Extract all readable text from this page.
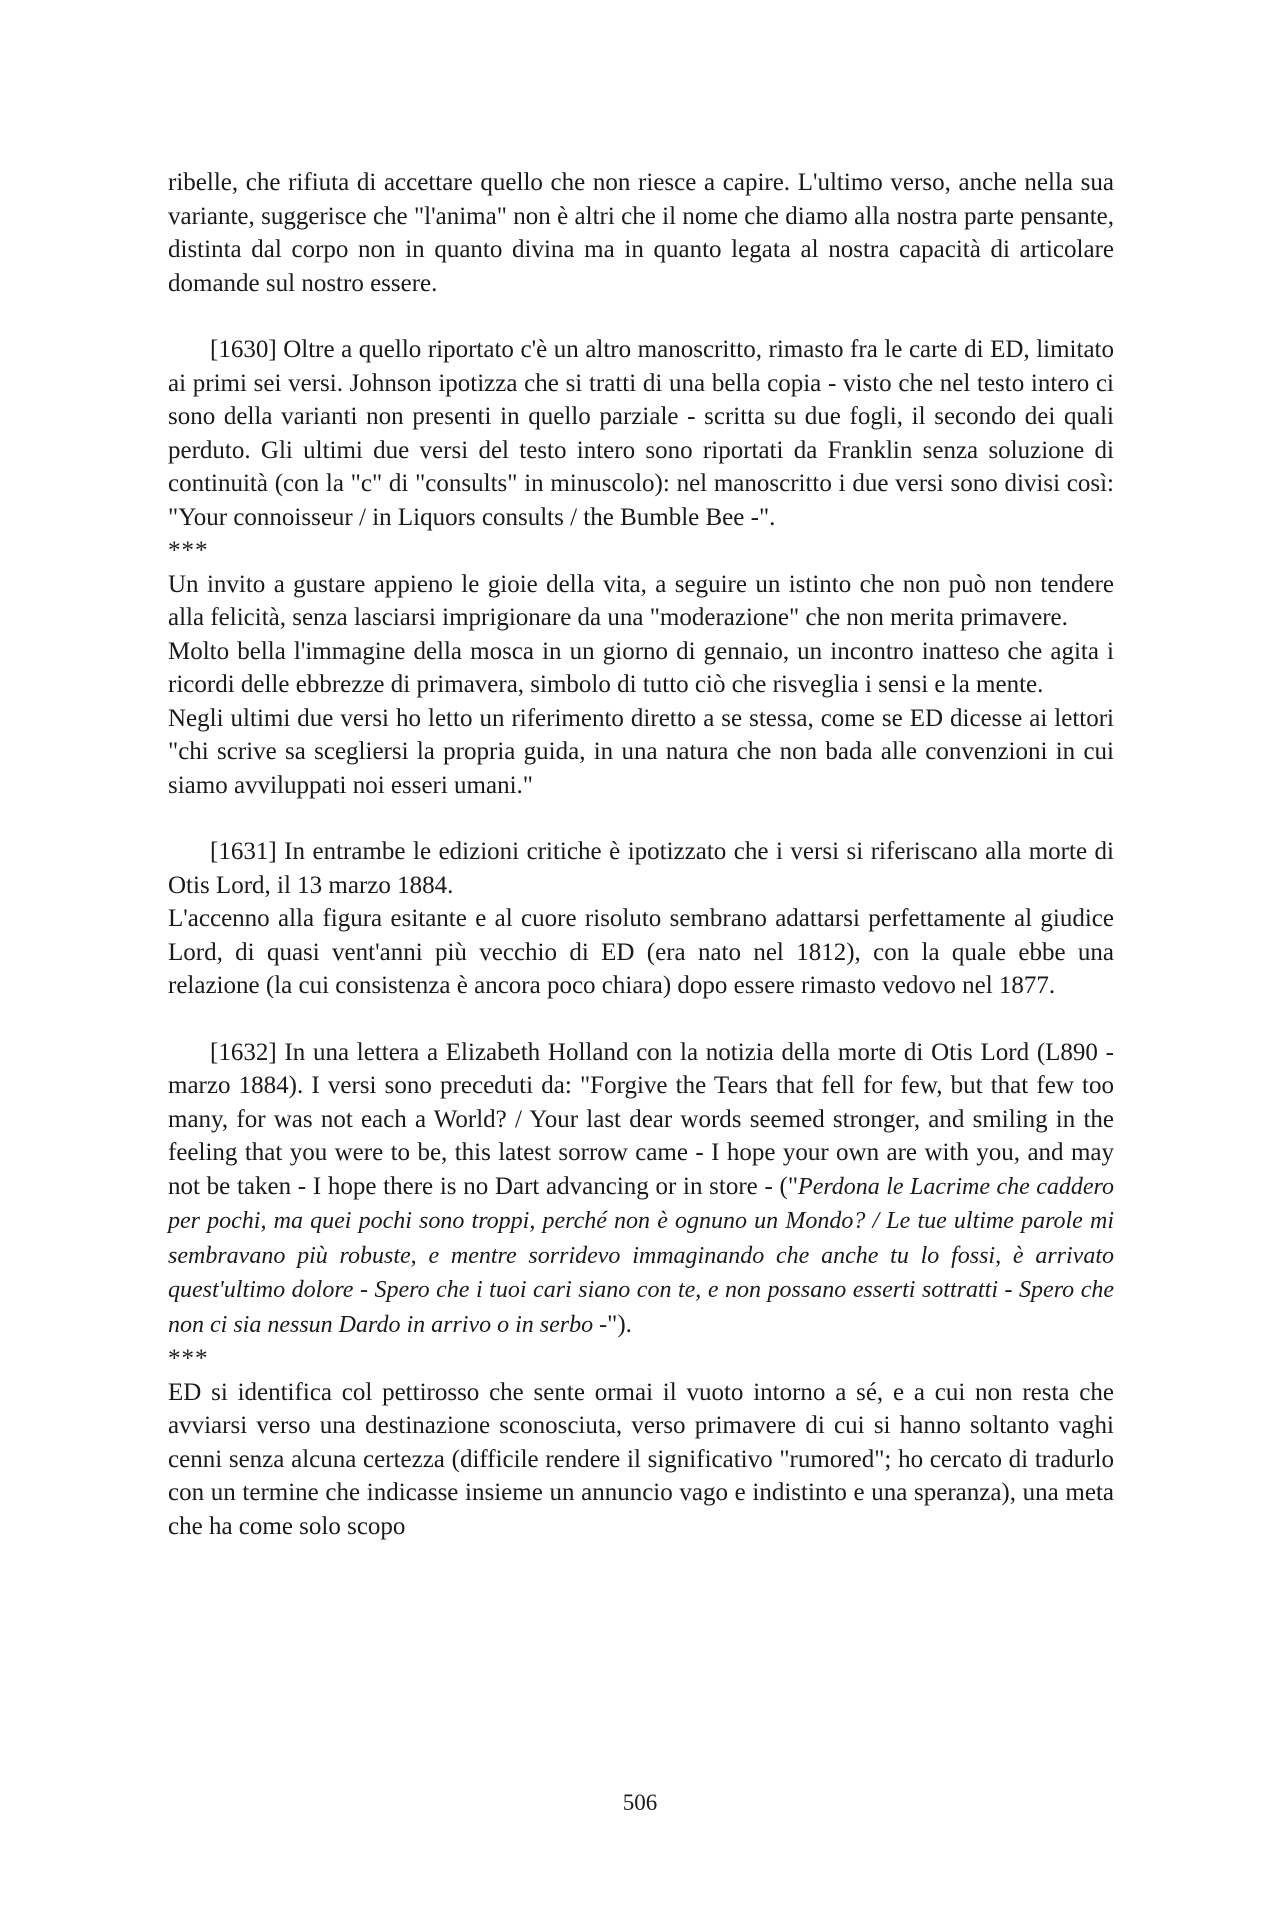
ribelle, che rifiuta di accettare quello che non riesce a capire. L'ultimo verso, anche nella sua variante, suggerisce che "l'anima" non è altri che il nome che diamo alla nostra parte pensante, distinta dal corpo non in quanto divina ma in quanto legata al nostra capacità di articolare domande sul nostro essere.

[1630] Oltre a quello riportato c'è un altro manoscritto, rimasto fra le carte di ED, limitato ai primi sei versi. Johnson ipotizza che si tratti di una bella copia - visto che nel testo intero ci sono della varianti non presenti in quello parziale - scritta su due fogli, il secondo dei quali perduto. Gli ultimi due versi del testo intero sono riportati da Franklin senza soluzione di continuità (con la "c" di "consults" in minuscolo): nel manoscritto i due versi sono divisi così: "Your connoisseur / in Liquors consults / the Bumble Bee -".

***

Un invito a gustare appieno le gioie della vita, a seguire un istinto che non può non tendere alla felicità, senza lasciarsi imprigionare da una "moderazione" che non merita primavere.

Molto bella l'immagine della mosca in un giorno di gennaio, un incontro inatteso che agita i ricordi delle ebbrezze di primavera, simbolo di tutto ciò che risveglia i sensi e la mente.

Negli ultimi due versi ho letto un riferimento diretto a se stessa, come se ED dicesse ai lettori "chi scrive sa scegliersi la propria guida, in una natura che non bada alle convenzioni in cui siamo avviluppati noi esseri umani."

[1631] In entrambe le edizioni critiche è ipotizzato che i versi si riferiscano alla morte di Otis Lord, il 13 marzo 1884.

L'accenno alla figura esitante e al cuore risoluto sembrano adattarsi perfettamente al giudice Lord, di quasi vent'anni più vecchio di ED (era nato nel 1812), con la quale ebbe una relazione (la cui consistenza è ancora poco chiara) dopo essere rimasto vedovo nel 1877.

[1632] In una lettera a Elizabeth Holland con la notizia della morte di Otis Lord (L890 - marzo 1884). I versi sono preceduti da: "Forgive the Tears that fell for few, but that few too many, for was not each a World? / Your last dear words seemed stronger, and smiling in the feeling that you were to be, this latest sorrow came - I hope your own are with you, and may not be taken - I hope there is no Dart advancing or in store - ("Perdona le Lacrime che caddero per pochi, ma quei pochi sono troppi, perché non è ognuno un Mondo? / Le tue ultime parole mi sembravano più robuste, e mentre sorridevo immaginando che anche tu lo fossi, è arrivato quest'ultimo dolore - Spero che i tuoi cari siano con te, e non possano esserti sottratti - Spero che non ci sia nessun Dardo in arrivo o in serbo -").

***

ED si identifica col pettirosso che sente ormai il vuoto intorno a sé, e a cui non resta che avviarsi verso una destinazione sconosciuta, verso primavere di cui si hanno soltanto vaghi cenni senza alcuna certezza (difficile rendere il significativo "rumored"; ho cercato di tradurlo con un termine che indicasse insieme un annuncio vago e indistinto e una speranza), una meta che ha come solo scopo

506
